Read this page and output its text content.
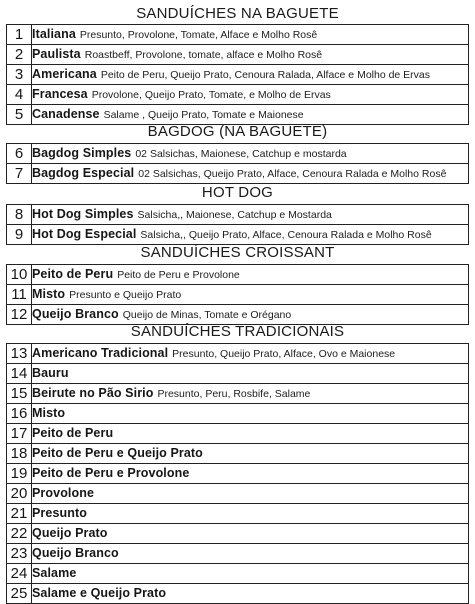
SANDUÍCHES NA BAGUETE
1	Italiana Presunto, Provolone, Tomate, Alface e Molho Rosê
2	Paulista Roastbeff, Provolone, tomate, alface e Molho Rosê
3	Americana Peito de Peru, Queijo Prato, Cenoura Ralada, Alface e Molho de Ervas
4	Francesa Provolone, Queijo Prato, Tomate, e Molho de Ervas
5	Canadense Salame , Queijo Prato, Tomate e Maionese
BAGDOG (NA BAGUETE)
6	Bagdog Simples 02 Salsichas, Maionese, Catchup e mostarda
7	Bagdog Especial 02 Salsichas, Queijo Prato, Alface, Cenoura Ralada e Molho Rosê
HOT DOG
8	Hot Dog Simples Salsicha,, Maionese, Catchup e Mostarda
9	Hot Dog Especial Salsicha,, Queijo Prato, Alface, Cenoura Ralada e Molho Rosê
SANDUÍCHES CROISSANT
10	Peito de Peru Peito de Peru e Provolone
11	Misto Presunto e Queijo Prato
12	Queijo Branco Queijo de Minas, Tomate e Orégano
SANDUÍCHES TRADICIONAIS
13	Americano Tradicional Presunto, Queijo Prato, Alface, Ovo e Maionese
14	Bauru
15	Beirute no Pão Sirio Presunto, Peru, Rosbife, Salame
16	Misto
17	Peito de Peru
18	Peito de Peru e Queijo Prato
19	Peito de Peru e Provolone
20	Provolone
21	Presunto
22	Queijo Prato
23	Queijo Branco
24	Salame
25	Salame e Queijo Prato
